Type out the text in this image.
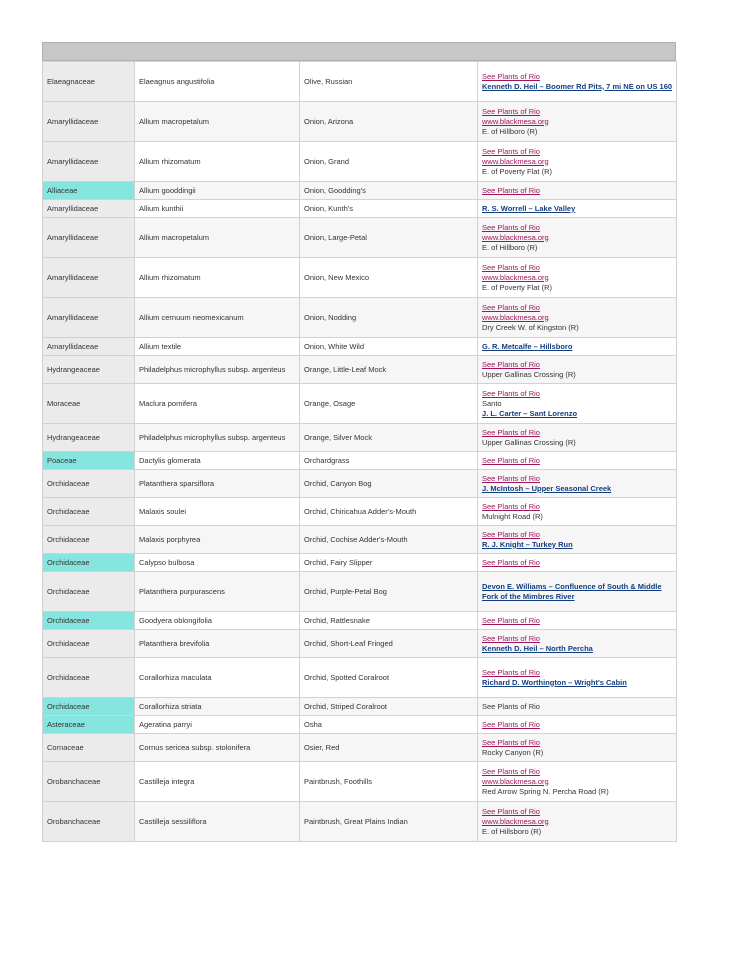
Elaeagnaceae	Elaeagnus angustifolia	Olive, Russian	See Plants of Rio
Kenneth D. Heil – Boomer Rd Pits, 7 mi NE on US 160

Amaryllidaceae	Allium macropetalum	Onion, Arizona	See Plants of Rio
www.blackmesa.org
E. of Hillboro (R)

Amaryllidaceae	Allium rhizomatum	Onion, Grand	See Plants of Rio
www.blackmesa.org
E. of Poverty Flat (R)

Alliaceae	Allium gooddingii	Onion, Goodding's	See Plants of Rio

Amaryllidaceae	Allium kunthii	Onion, Kunth's	R. S. Worrell – Lake Valley

Amaryllidaceae	Allium macropetalum	Onion, Large-Petal	See Plants of Rio
www.blackmesa.org
E. of Hillboro (R)

Amaryllidaceae	Allium rhizomatum	Onion, New Mexico	See Plants of Rio
www.blackmesa.org
E. of Poverty Flat (R)

Amaryllidaceae	Allium cernuum neomexicanum	Onion, Nodding	See Plants of Rio
www.blackmesa.org
Dry Creek W. of Kingston (R)

Amaryllidaceae	Allium textile	Onion, White Wild	G. R. Metcalfe – Hillsboro

Hydrangeaceae	Philadelphus microphyllus subsp. argenteus	Orange, Little-Leaf Mock	See Plants of Rio
Upper Gallinas Crossing (R)

Moraceae	Maclura pomifera	Orange, Osage	See Plants of Rio
Santo
J. L. Carter – Sant Lorenzo

Hydrangeaceae	Philadelphus microphyllus subsp. argenteus	Orange, Silver Mock	See Plants of Rio
Upper Gallinas Crossing (R)

Poaceae	Dactylis glomerata	Orchardgrass	See Plants of Rio

Orchidaceae	Platanthera sparsiflora	Orchid, Canyon Bog	See Plants of Rio
J. McIntosh – Upper Seasonal Creek

Orchidaceae	Malaxis soulei	Orchid, Chiricahua Adder's-Mouth	See Plants of Rio
Mulnight Road (R)

Orchidaceae	Malaxis porphyrea	Orchid, Cochise Adder's-Mouth	See Plants of Rio
R. J. Knight – Turkey Run

Orchidaceae	Calypso bulbosa	Orchid, Fairy Slipper	See Plants of Rio

Orchidaceae	Platanthera purpurascens	Orchid, Purple-Petal Bog	Devon E. Williams – Confluence of South & Middle Fork of the Mimbres River

Orchidaceae	Goodyera oblongifolia	Orchid, Rattlesnake	See Plants of Rio

Orchidaceae	Platanthera brevifolia	Orchid, Short-Leaf Fringed	See Plants of Rio
Kenneth D. Heil – North Percha

Orchidaceae	Corallorhiza maculata	Orchid, Spotted Coralroot	See Plants of Rio
Richard D. Worthington – Wright's Cabin

Orchidaceae	Corallorhiza striata	Orchid, Striped Coralroot	See Plants of Rio

Asteraceae	Ageratina parryi	Osha	See Plants of Rio

Cornaceae	Cornus sericea subsp. stolonifera	Osier, Red	See Plants of Rio
Rocky Canyon (R)

Orobanchaceae	Castilleja integra	Paintbrush, Foothills	See Plants of Rio
www.blackmesa.org
Red Arrow Spring N. Percha Road (R)

Orobanchaceae	Castilleja sessiliflora	Paintbrush, Great Plains Indian	See Plants of Rio
www.blackmesa.org
E. of Hillsboro (R)
